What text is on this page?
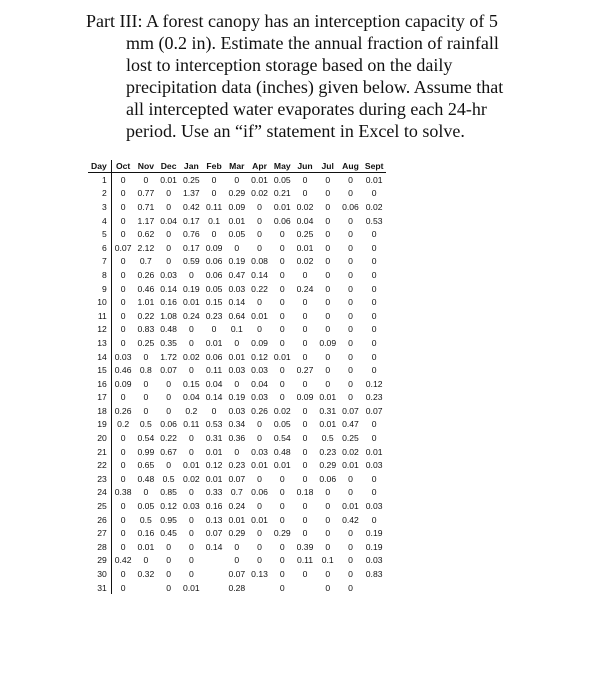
Part III: A forest canopy has an interception capacity of 5
mm (0.2 in). Estimate the annual fraction of rainfall
lost to interception storage based on the daily
precipitation data (inches) given below. Assume that
all intercepted water evaporates during each 24-hr
period. Use an “if” statement in Excel to solve.
Day	Oct	Nov	Dec	Jan	Feb	Mar	Apr	May	Jun	Jul	Aug	Sept
1	0	0	0.01	0.25	0	0	0.01	0.05	0	0	0	0.01
2	0	0.77	0	1.37	0	0.29	0.02	0.21	0	0	0	0
3	0	0.71	0	0.42	0.11	0.09	0	0.01	0.02	0	0.06	0.02
4	0	1.17	0.04	0.17	0.1	0.01	0	0.06	0.04	0	0	0.53
5	0	0.62	0	0.76	0	0.05	0	0	0.25	0	0	0
6	0.07	2.12	0	0.17	0.09	0	0	0	0.01	0	0	0
7	0	0.7	0	0.59	0.06	0.19	0.08	0	0.02	0	0	0
8	0	0.26	0.03	0	0.06	0.47	0.14	0	0	0	0	0
9	0	0.46	0.14	0.19	0.05	0.03	0.22	0	0.24	0	0	0
10	0	1.01	0.16	0.01	0.15	0.14	0	0	0	0	0	0
11	0	0.22	1.08	0.24	0.23	0.64	0.01	0	0	0	0	0
12	0	0.83	0.48	0	0	0.1	0	0	0	0	0	0
13	0	0.25	0.35	0	0.01	0	0.09	0	0	0.09	0	0
14	0.03	0	1.72	0.02	0.06	0.01	0.12	0.01	0	0	0	0
15	0.46	0.8	0.07	0	0.11	0.03	0.03	0	0.27	0	0	0
16	0.09	0	0	0.15	0.04	0	0.04	0	0	0	0	0.12
17	0	0	0	0.04	0.14	0.19	0.03	0	0.09	0.01	0	0.23
18	0.26	0	0	0.2	0	0.03	0.26	0.02	0	0.31	0.07	0.07
19	0.2	0.5	0.06	0.11	0.53	0.34	0	0.05	0	0.01	0.47	0
20	0	0.54	0.22	0	0.31	0.36	0	0.54	0	0.5	0.25	0
21	0	0.99	0.67	0	0.01	0	0.03	0.48	0	0.23	0.02	0.01
22	0	0.65	0	0.01	0.12	0.23	0.01	0.01	0	0.29	0.01	0.03
23	0	0.48	0.5	0.02	0.01	0.07	0	0	0	0.06	0	0
24	0.38	0	0.85	0	0.33	0.7	0.06	0	0.18	0	0	0
25	0	0.05	0.12	0.03	0.16	0.24	0	0	0	0	0.01	0.03
26	0	0.5	0.95	0	0.13	0.01	0.01	0	0	0	0.42	0
27	0	0.16	0.45	0	0.07	0.29	0	0.29	0	0	0	0.19
28	0	0.01	0	0	0.14	0	0	0	0.39	0	0	0.19
29	0.42	0	0	0		0	0	0	0.11	0.1	0	0.03
30	0	0.32	0	0		0.07	0.13	0	0	0	0	0.83
31	0		0	0.01		0.28		0		0	0	
